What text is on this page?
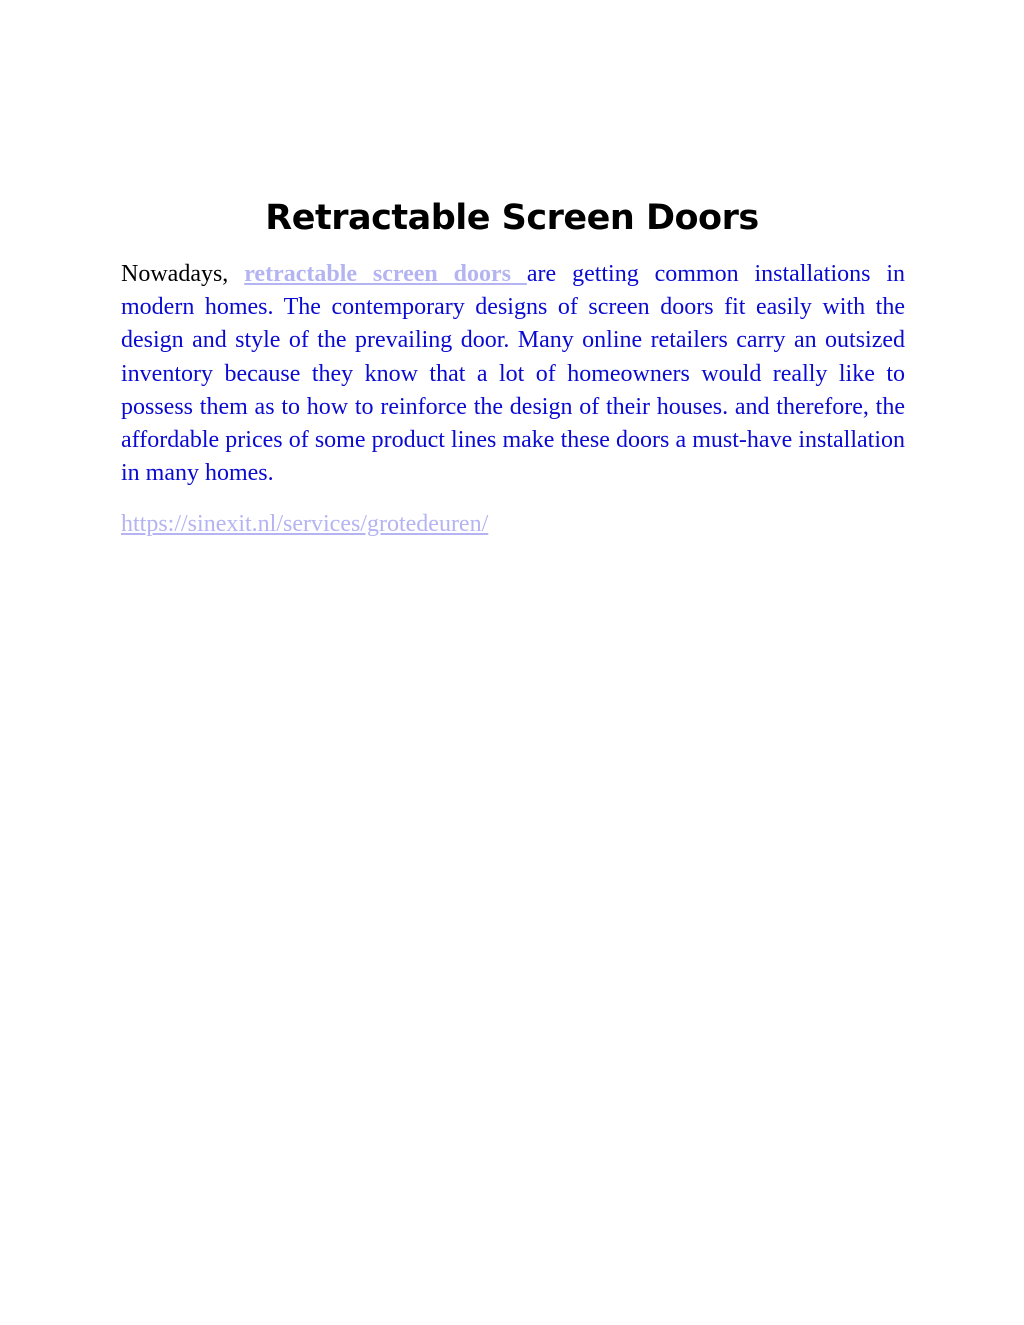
Retractable Screen Doors

Nowadays, retractable screen doors are getting common installations in modern homes. The contemporary designs of screen doors fit easily with the design and style of the prevailing door. Many online retailers carry an outsized inventory because they know that a lot of homeowners would really like to possess them as to how to reinforce the design of their houses. and therefore, the affordable prices of some product lines make these doors a must-have installation in many homes.

https://sinexit.nl/services/grotedeuren/
